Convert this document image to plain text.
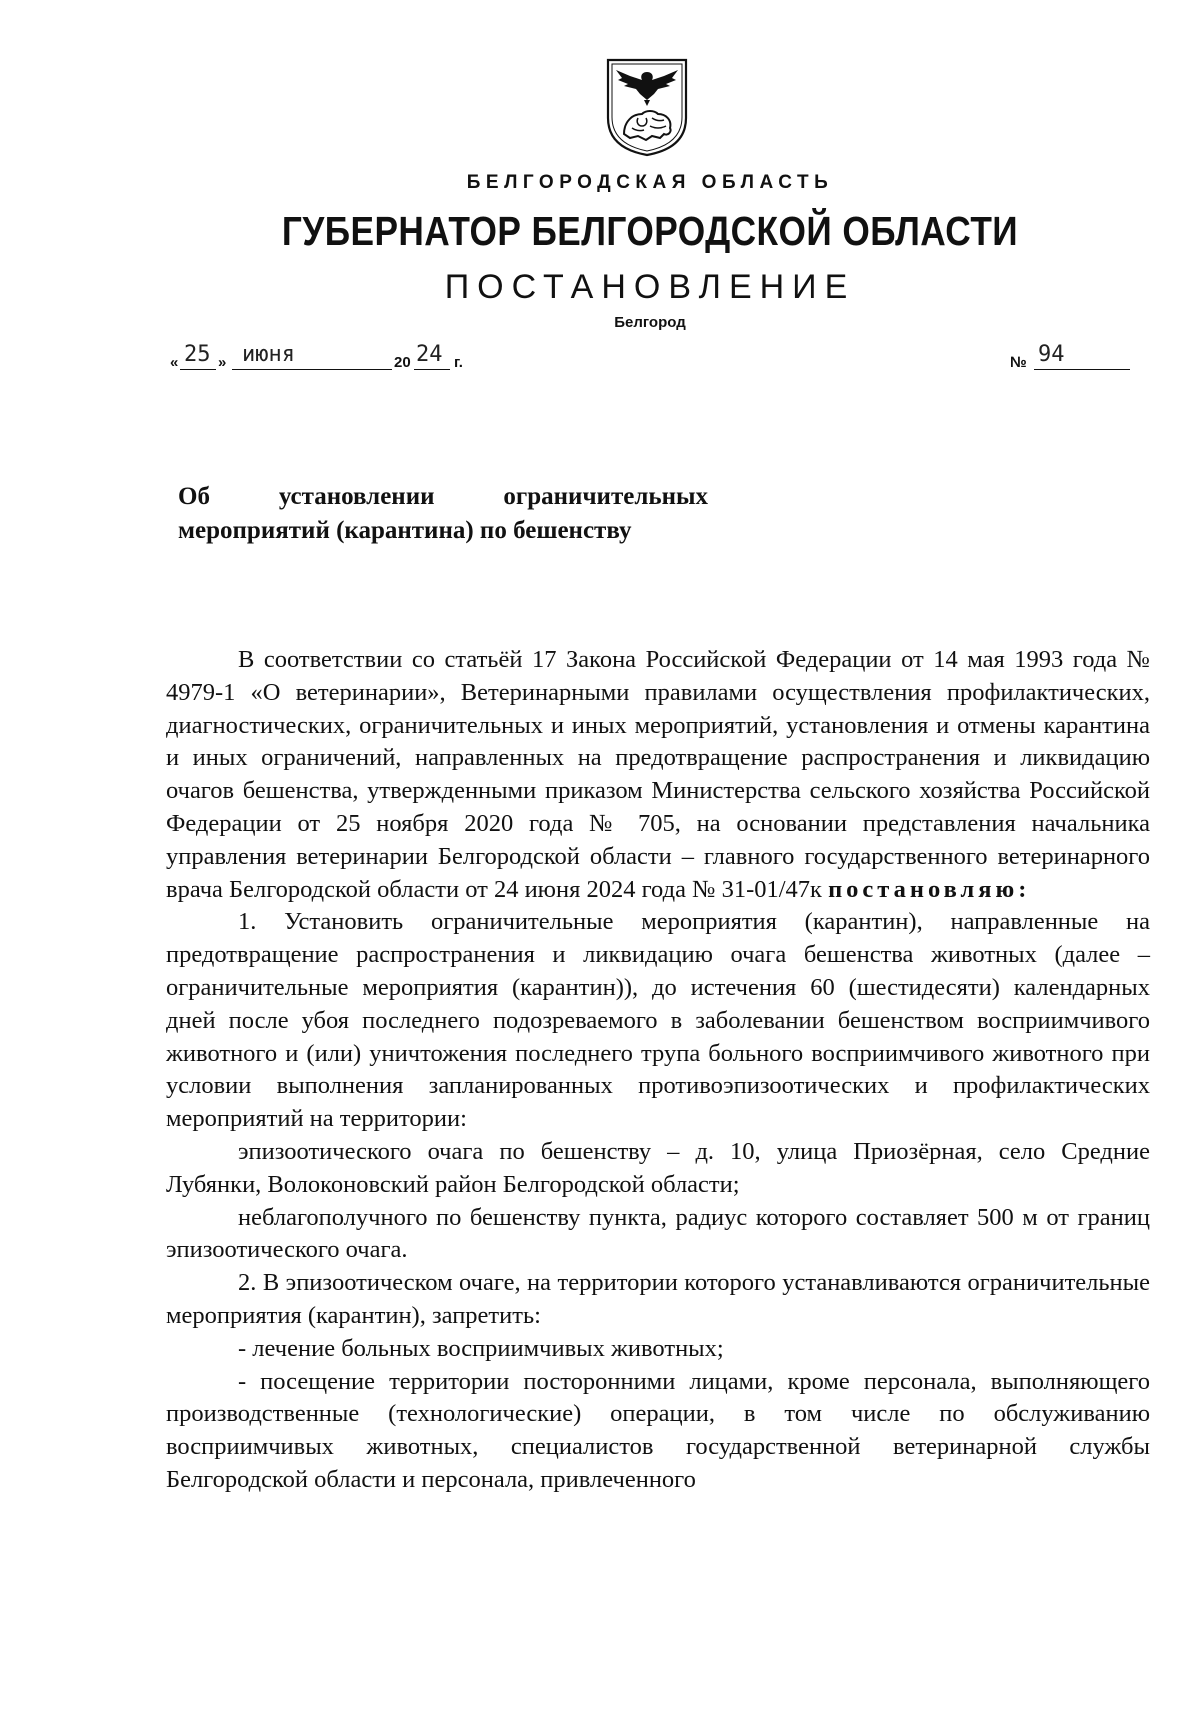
БЕЛГОРОДСКАЯ ОБЛАСТЬ
ГУБЕРНАТОР БЕЛГОРОДСКОЙ ОБЛАСТИ
ПОСТАНОВЛЕНИЕ
Белгород
« 25 » июня	20 24 г.	№ 94
Об установлении ограничительных
мероприятий (карантина) по бешенству

В соответствии со статьёй 17 Закона Российской Федерации от 14 мая 1993 года № 4979-1 «О ветеринарии», Ветеринарными правилами осуществления профилактических, диагностических, ограничительных и иных мероприятий, установления и отмены карантина и иных ограничений, направленных на предотвращение распространения и ликвидацию очагов бешенства, утвержденными приказом Министерства сельского хозяйства Российской Федерации от 25 ноября 2020 года № 705, на основании представления начальника управления ветеринарии Белгородской области – главного государственного ветеринарного врача Белгородской области от 24 июня 2024 года № 31-01/47к постановляю:

1. Установить ограничительные мероприятия (карантин), направленные на предотвращение распространения и ликвидацию очага бешенства животных (далее – ограничительные мероприятия (карантин)), до истечения 60 (шестидесяти) календарных дней после убоя последнего подозреваемого в заболевании бешенством восприимчивого животного и (или) уничтожения последнего трупа больного восприимчивого животного при условии выполнения запланированных противоэпизоотических и профилактических мероприятий на территории:

эпизоотического очага по бешенству – д. 10, улица Приозёрная, село Средние Лубянки, Волоконовский район Белгородской области;

неблагополучного по бешенству пункта, радиус которого составляет 500 м от границ эпизоотического очага.

2. В эпизоотическом очаге, на территории которого устанавливаются ограничительные мероприятия (карантин), запретить:

- лечение больных восприимчивых животных;

- посещение территории посторонними лицами, кроме персонала, выполняющего производственные (технологические) операции, в том числе по обслуживанию восприимчивых животных, специалистов государственной ветеринарной службы Белгородской области и персонала, привлеченного
